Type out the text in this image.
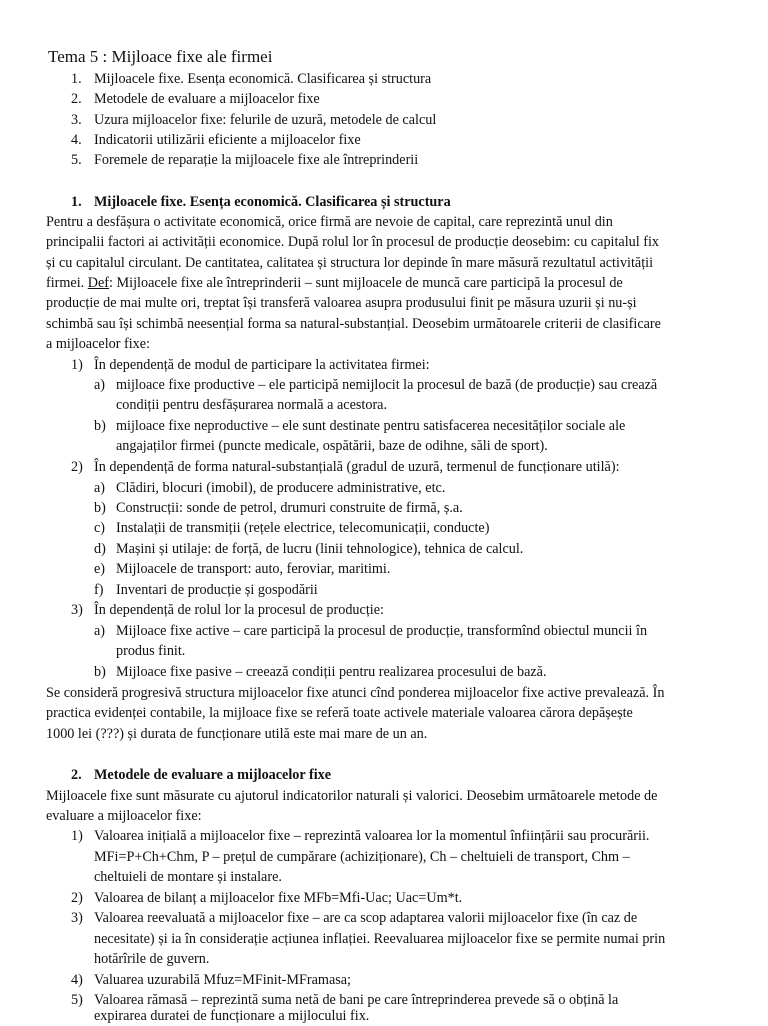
Tema 5 : Mijloace fixe ale firmei
1. Mijloacele fixe. Esența economică. Clasificarea și structura
2. Metodele de evaluare a mijloacelor fixe
3. Uzura mijloacelor fixe: felurile de uzură, metodele de calcul
4. Indicatorii utilizării eficiente a mijloacelor fixe
5. Foremele de reparație la mijloacele fixe ale întreprinderii
1. Mijloacele fixe. Esența economică. Clasificarea și structura
Pentru a desfășura o activitate economică, orice firmă are nevoie de capital, care reprezintă unul din
principalii factori ai activității economice. După rolul lor în procesul de producție deosebim: cu capitalul fix
și cu capitalul circulant. De cantitatea, calitatea și structura lor depinde în mare măsură rezultatul activității
firmei. Def: Mijloacele fixe ale întreprinderii – sunt mijloacele de muncă care participă la procesul de
producție de mai multe ori, treptat își transferă valoarea asupra produsului finit pe măsura uzurii și nu-și
schimbă sau își schimbă neesențial forma sa natural-substanțial. Deosebim următoarele criterii de clasificare
a mijloacelor fixe:
1) În dependență de modul de participare la activitatea firmei:
a) mijloace fixe productive – ele participă nemijlocit la procesul de bază (de producție) sau crează
condiții pentru desfășurarea normală a acestora.
b) mijloace fixe neproductive – ele sunt destinate pentru satisfacerea necesităților sociale ale
angajaților firmei (puncte medicale, ospătării, baze de odihne, săli de sport).
2) În dependență de forma natural-substanțială (gradul de uzură, termenul de funcționare utilă):
a) Clădiri, blocuri (imobil), de producere administrative, etc.
b) Construcții: sonde de petrol, drumuri construite de firmă, ș.a.
c) Instalații de transmiții (rețele electrice, telecomunicații, conducte)
d) Mașini și utilaje: de forță, de lucru (linii tehnologice), tehnica de calcul.
e) Mijloacele de transport: auto, feroviar, maritimi.
f) Inventari de producție și gospodării
3) În dependență de rolul lor la procesul de producție:
a) Mijloace fixe active – care participă la procesul de producție, transformînd obiectul muncii în
produs finit.
b) Mijloace fixe pasive – creează condiții pentru realizarea procesului de bază.
Se consideră progresivă structura mijloacelor fixe atunci cînd ponderea mijloacelor fixe active prevalează. În
practica evidenței contabile, la mijloace fixe se referă toate activele materiale valoarea cărora depășește
1000 lei (???) și durata de funcționare utilă este mai mare de un an.
2. Metodele de evaluare a mijloacelor fixe
Mijloacele fixe sunt măsurate cu ajutorul indicatorilor naturali și valorici. Deosebim următoarele metode de
evaluare a mijloacelor fixe:
1) Valoarea inițială a mijloacelor fixe – reprezintă valoarea lor la momentul înființării sau procurării.
MFi=P+Ch+Chm, P – prețul de cumpărare (achiziționare), Ch – cheltuieli de transport, Chm –
cheltuieli de montare și instalare.
2) Valoarea de bilanț a mijloacelor fixe MFb=Mfi-Uac; Uac=Um*t.
3) Valoarea reevaluată a mijloacelor fixe – are ca scop adaptarea valorii mijloacelor fixe (în caz de
necesitate) și ia în considerație acțiunea inflației. Reevaluarea mijloacelor fixe se permite numai prin
hotărîrile de guvern.
4) Valuarea uzurabilă Mfuz=MFinit-MFramasa;
5) Valoarea rămasă – reprezintă suma netă de bani pe care întreprinderea prevede să o obțină la
expirarea duratei de funcționare a mijlocului fix.
